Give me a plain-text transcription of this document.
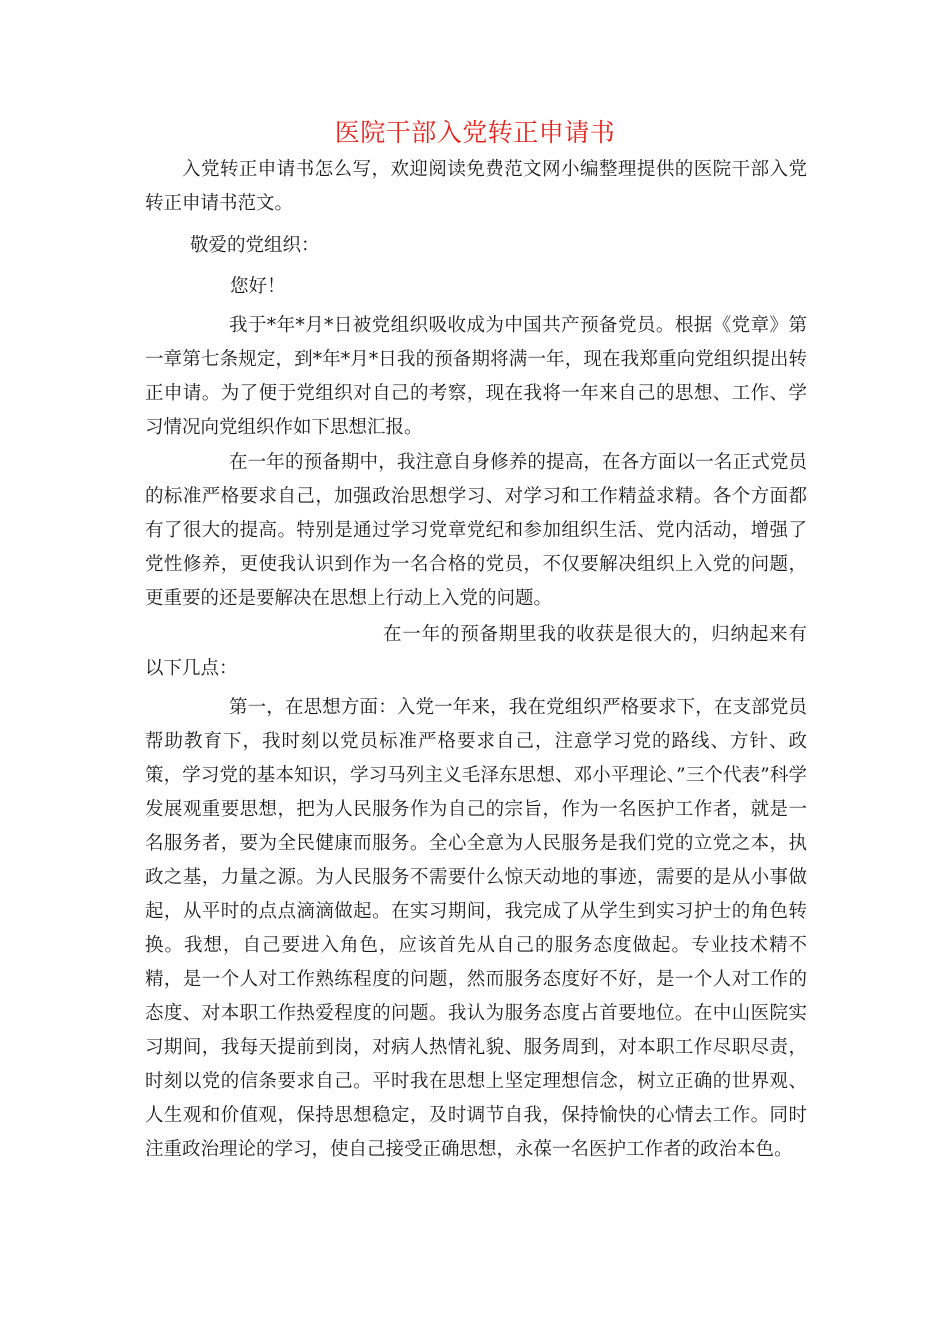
医院干部入党转正申请书
入党转正申请书怎么写，欢迎阅读免费范文网小编整理提供的医院干部入党转正申请书范文。
敬爱的党组织：
您好！
我于*年*月*日被党组织吸收成为中国共产预备党员。根据《党章》第一章第七条规定，到*年*月*日我的预备期将满一年，现在我郑重向党组织提出转正申请。为了便于党组织对自己的考察，现在我将一年来自己的思想、工作、学习情况向党组织作如下思想汇报。
在一年的预备期中，我注意自身修养的提高，在各方面以一名正式党员的标准严格要求自己，加强政治思想学习、对学习和工作精益求精。各个方面都有了很大的提高。特别是通过学习党章党纪和参加组织生活、党内活动，增强了党性修养，更使我认识到作为一名合格的党员，不仅要解决组织上入党的问题，更重要的还是要解决在思想上行动上入党的问题。
在一年的预备期里我的收获是很大的，归纳起来有以下几点：
第一，在思想方面：入党一年来，我在党组织严格要求下，在支部党员帮助教育下，我时刻以党员标准严格要求自己，注意学习党的路线、方针、政策，学习党的基本知识，学习马列主义毛泽东思想、邓小平理论、”三个代表”科学发展观重要思想，把为人民服务作为自己的宗旨，作为一名医护工作者，就是一名服务者，要为全民健康而服务。全心全意为人民服务是我们党的立党之本，执政之基，力量之源。为人民服务不需要什么惊天动地的事迹，需要的是从小事做起，从平时的点点滴滴做起。在实习期间，我完成了从学生到实习护士的角色转换。我想，自己要进入角色，应该首先从自己的服务态度做起。专业技术精不精，是一个人对工作熟练程度的问题，然而服务态度好不好，是一个人对工作的态度、对本职工作热爱程度的问题。我认为服务态度占首要地位。在中山医院实习期间，我每天提前到岗，对病人热情礼貌、服务周到，对本职工作尽职尽责，时刻以党的信条要求自己。平时我在思想上坚定理想信念，树立正确的世界观、人生观和价值观，保持思想稳定，及时调节自我，保持愉快的心情去工作。同时注重政治理论的学习，使自己接受正确思想，永葆一名医护工作者的政治本色。
